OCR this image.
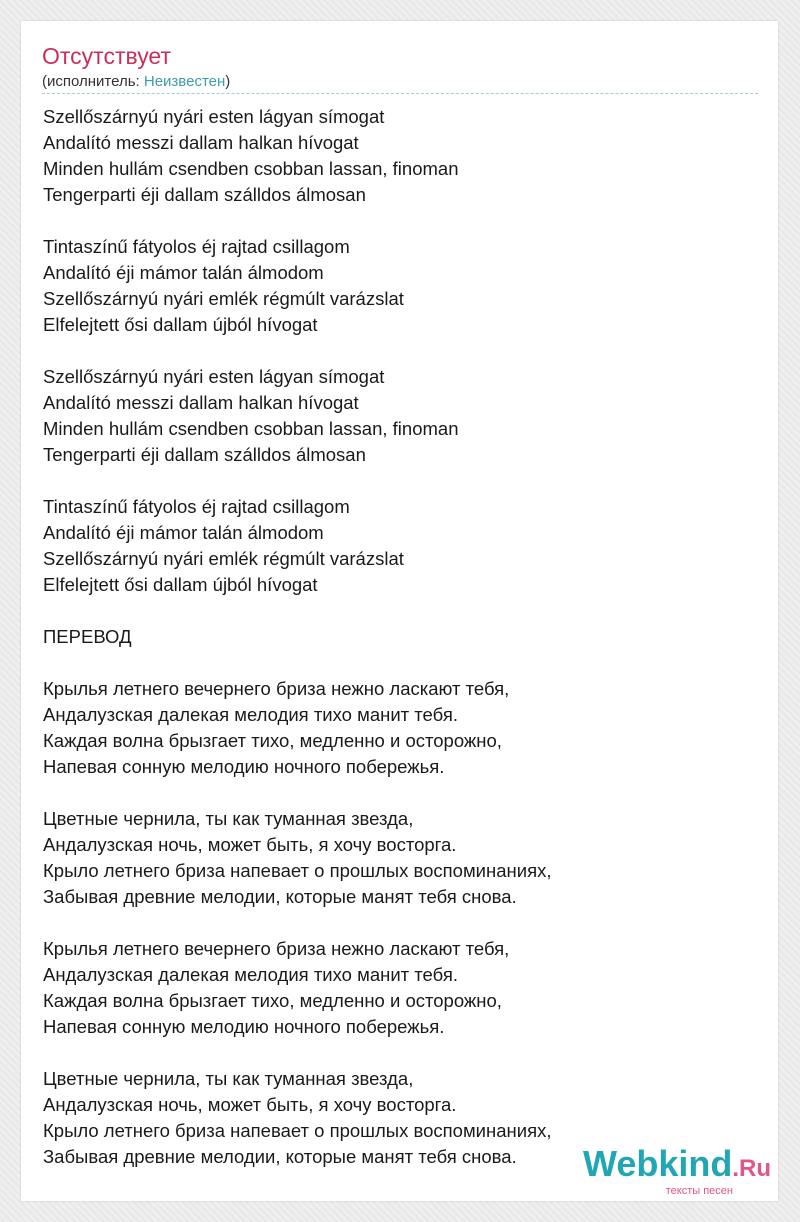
Отсутствует
(исполнитель: Неизвестен)
Szellőszárnyú nyári esten lágyan símogat
Andalító messzi dallam halkan hívogat
Minden hullám csendben csobban lassan, finoman
Tengerparti éji dallam szálldos álmosan
Tintaszínű fátyolos éj rajtad csillagom
Andalító éji mámor talán álmodom
Szellőszárnyú nyári emlék régmúlt varázslat
Elfelejtett ősi dallam újból hívogat
Szellőszárnyú nyári esten lágyan símogat
Andalító messzi dallam halkan hívogat
Minden hullám csendben csobban lassan, finoman
Tengerparti éji dallam szálldos álmosan
Tintaszínű fátyolos éj rajtad csillagom
Andalító éji mámor talán álmodom
Szellőszárnyú nyári emlék régmúlt varázslat
Elfelejtett ősi dallam újból hívogat
ПЕРЕВОД
Крылья летнего вечернего бриза нежно ласкают тебя,
Андалузская далекая мелодия тихо манит тебя.
Каждая волна брызгает тихо, медленно и осторожно,
Напевая сонную мелодию ночного побережья.
Цветные чернила, ты как туманная звезда,
Андалузская ночь, может быть, я хочу восторга.
Крыло летнего бриза напевает о прошлых воспоминаниях,
Забывая древние мелодии, которые манят тебя снова.
Крылья летнего вечернего бриза нежно ласкают тебя,
Андалузская далекая мелодия тихо манит тебя.
Каждая волна брызгает тихо, медленно и осторожно,
Напевая сонную мелодию ночного побережья.
Цветные чернила, ты как туманная звезда,
Андалузская ночь, может быть, я хочу восторга.
Крыло летнего бриза напевает о прошлых воспоминаниях,
Забывая древние мелодии, которые манят тебя снова.	Webkind.Ru
тексты песен
